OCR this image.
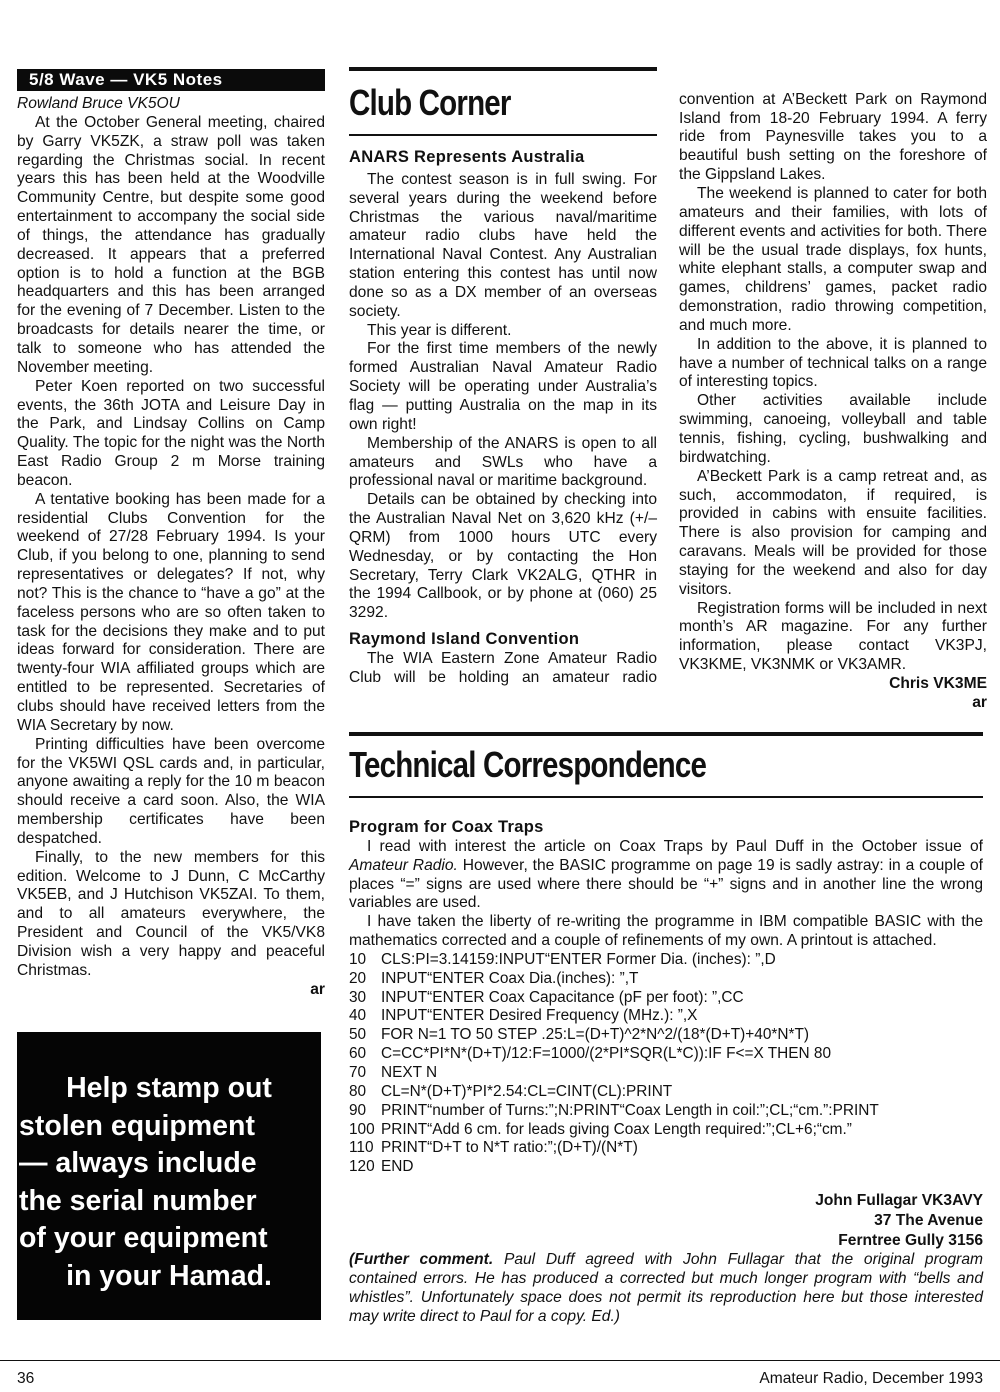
5/8 Wave — VK5 Notes

Rowland Bruce VK5OU

At the October General meeting, chaired by Garry VK5ZK, a straw poll was taken regarding the Christmas social. In recent years this has been held at the Woodville Community Centre, but despite some good entertainment to accompany the social side of things, the attendance has gradually decreased. It appears that a preferred option is to hold a function at the BGB headquarters and this has been arranged for the evening of 7 December. Listen to the broadcasts for details nearer the time, or talk to someone who has attended the November meeting.

Peter Koen reported on two successful events, the 36th JOTA and Leisure Day in the Park, and Lindsay Collins on Camp Quality. The topic for the night was the North East Radio Group 2 m Morse training beacon.

A tentative booking has been made for a residential Clubs Convention for the weekend of 27/28 February 1994. Is your Club, if you belong to one, planning to send representatives or delegates? If not, why not? This is the chance to “have a go” at the faceless persons who are so often taken to task for the decisions they make and to put ideas forward for consideration. There are twenty-four WIA affiliated groups which are entitled to be represented. Secretaries of clubs should have received letters from the WIA Secretary by now.

Printing difficulties have been overcome for the VK5WI QSL cards and, in particular, anyone awaiting a reply for the 10 m beacon should receive a card soon. Also, the WIA membership certificates have been despatched.

Finally, to the new members for this edition. Welcome to J Dunn, C McCarthy VK5EB, and J Hutchison VK5ZAI. To them, and to all amateurs everywhere, the President and Council of the VK5/VK8 Division wish a very happy and peaceful Christmas.

ar
Help stamp out
stolen equipment
— always include
the serial number
of your equipment
in your Hamad.
Club Corner
ANARS Represents Australia

The contest season is in full swing. For several years during the weekend before Christmas the various naval/maritime amateur radio clubs have held the International Naval Contest. Any Australian station entering this contest has until now done so as a DX member of an overseas society.

This year is different.

For the first time members of the newly formed Australian Naval Amateur Radio Society will be operating under Australia’s flag — putting Australia on the map in its own right!

Membership of the ANARS is open to all amateurs and SWLs who have a professional naval or maritime background.

Details can be obtained by checking into the Australian Naval Net on 3,620 kHz (+/– QRM) from 1000 hours UTC every Wednesday, or by contacting the Hon Secretary, Terry Clark VK2ALG, QTHR in the 1994 Callbook, or by phone at (060) 25 3292.

Raymond Island Convention

The WIA Eastern Zone Amateur Radio Club will be holding an amateur radio

convention at A’Beckett Park on Raymond Island from 18-20 February 1994. A ferry ride from Paynesville takes you to a beautiful bush setting on the foreshore of the Gippsland Lakes.

The weekend is planned to cater for both amateurs and their families, with lots of different events and activities for both. There will be the usual trade displays, fox hunts, white elephant stalls, a computer swap and games, childrens’ games, packet radio demonstration, radio throwing competition, and much more.

In addition to the above, it is planned to have a number of technical talks on a range of interesting topics.

Other activities available include swimming, canoeing, volleyball and table tennis, fishing, cycling, bushwalking and birdwatching.

A’Beckett Park is a camp retreat and, as such, accommodaton, if required, is provided in cabins with ensuite facilities. There is also provision for camping and caravans. Meals will be provided for those staying for the weekend and also for day visitors.

Registration forms will be included in next month’s AR magazine. For any further information, please contact VK3PJ, VK3KME, VK3NMK or VK3AMR.

Chris VK3ME
ar
Technical Correspondence
Program for Coax Traps

I read with interest the article on Coax Traps by Paul Duff in the October issue of Amateur Radio. However, the BASIC programme on page 19 is sadly astray: in a couple of places “=” signs are used where there should be “+” signs and in another line the wrong variables are used.

I have taken the liberty of re-writing the programme in IBM compatible BASIC with the mathematics corrected and a couple of refinements of my own. A printout is attached.

10 CLS:PI=3.14159:INPUT“ENTER Former Dia. (inches): ”,D
20 INPUT“ENTER Coax Dia.(inches): ”,T
30 INPUT“ENTER Coax Capacitance (pF per foot): ”,CC
40 INPUT“ENTER Desired Frequency (MHz.): ”,X
50 FOR N=1 TO 50 STEP .25:L=(D+T)^2*N^2/(18*(D+T)+40*N*T)
60 C=CC*PI*N*(D+T)/12:F=1000/(2*PI*SQR(L*C)):IF F<=X THEN 80
70 NEXT N
80 CL=N*(D+T)*PI*2.54:CL=CINT(CL):PRINT
90 PRINT“number of Turns:”;N:PRINT“Coax Length in coil:”;CL;“cm.”:PRINT
100 PRINT“Add 6 cm. for leads giving Coax Length required:”;CL+6;“cm.”
110 PRINT“D+T to N*T ratio:”;(D+T)/(N*T)
120 END
John Fullagar VK3AVY
37 The Avenue
Ferntree Gully 3156

(Further comment. Paul Duff agreed with John Fullagar that the original program contained errors. He has produced a corrected but much longer program with “bells and whistles”. Unfortunately space does not permit its reproduction here but those interested may write direct to Paul for a copy. Ed.)

36	Amateur Radio, December 1993
